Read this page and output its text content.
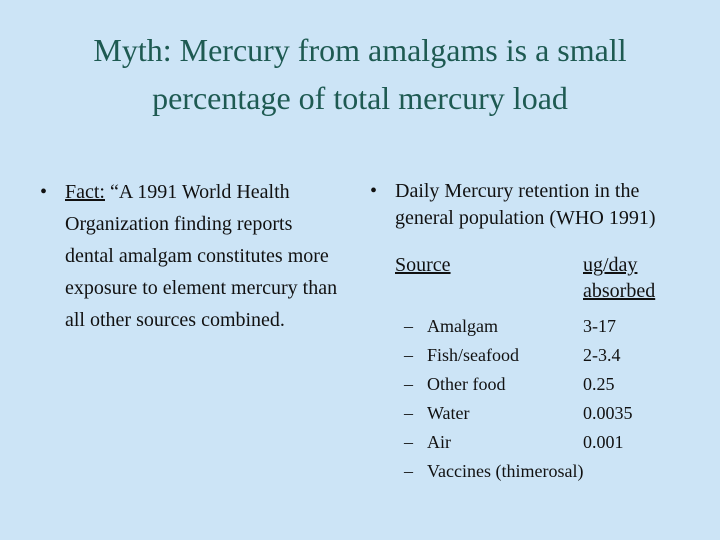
Myth: Mercury from amalgams is a small
percentage of total mercury load
• Fact: “A 1991 World Health Organization finding reports dental amalgam constitutes more exposure to element mercury than all other sources combined.
• Daily Mercury retention in the general population (WHO 1991)
Source	ug/day absorbed
– Amalgam	3-17
– Fish/seafood	2-3.4
– Other food	0.25
– Water	0.0035
– Air	0.001
– Vaccines (thimerosal)
